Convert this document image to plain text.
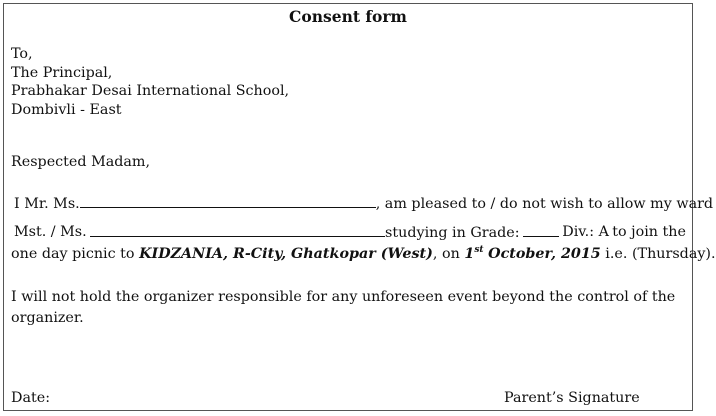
Consent form
To,
The Principal,
Prabhakar Desai International School,
Dombivli - East
Respected Madam,
I Mr. Ms.	, am pleased to / do not wish to allow my ward
Mst. / Ms.	studying in Grade:	Div.: A to join the
one day picnic to KIDZANIA, R-City, Ghatkopar (West), on 1st October, 2015 i.e. (Thursday).
I will not hold the organizer responsible for any unforeseen event beyond the control of the
organizer.
Date:	Parent’s Signature
